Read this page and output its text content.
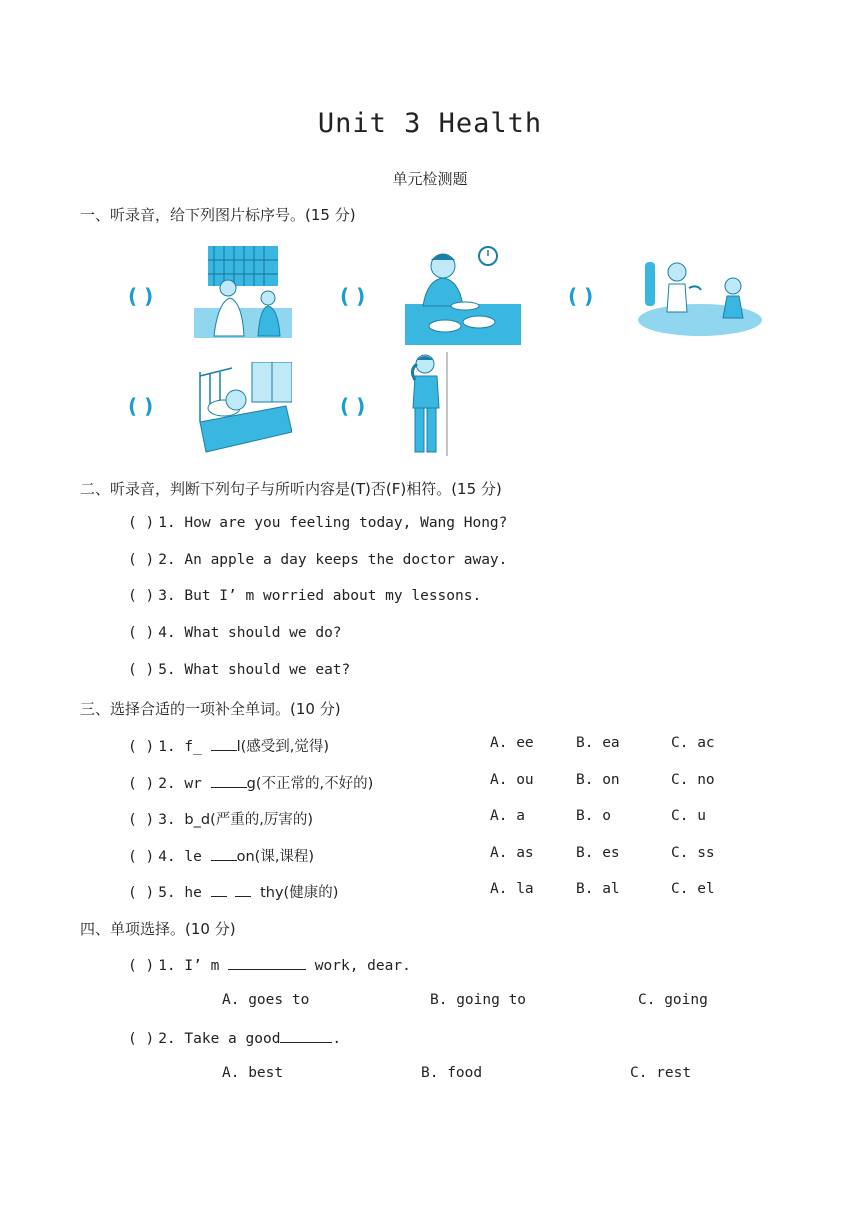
Unit 3 Health
单元检测题
一、听录音，给下列图片标序号。(15 分)
( )	( )	( )
( )	( )
二、听录音，判断下列句子与所听内容是(T)否(F)相符。(15 分)
( ) 1. How are you feeling today, Wang Hong?
( ) 2. An apple a day keeps the doctor away.
( ) 3. But I’ m worried about my lessons.
( ) 4. What should we do?
( ) 5. What should we eat?
三、选择合适的一项补全单词。(10 分)
( ) 1. f_ l(感受到,觉得)	A. ee	B. ea	C. ac
( ) 2. wr	g(不正常的,不好的)	A. ou	B. on	C. no
( ) 3. b_d(严重的,厉害的)	A. a	B. o	C. u
( ) 4. le on(课,课程)	A. as	B. es	C. ss
( ) 5. he	thy(健康的)	A. la	B. al	C. el
四、单项选择。(10 分)
( ) 1. I’ m	work, dear.
A. goes to	B. going to	C. going
( ) 2. Take a good	.
A. best	B. food	C. rest
